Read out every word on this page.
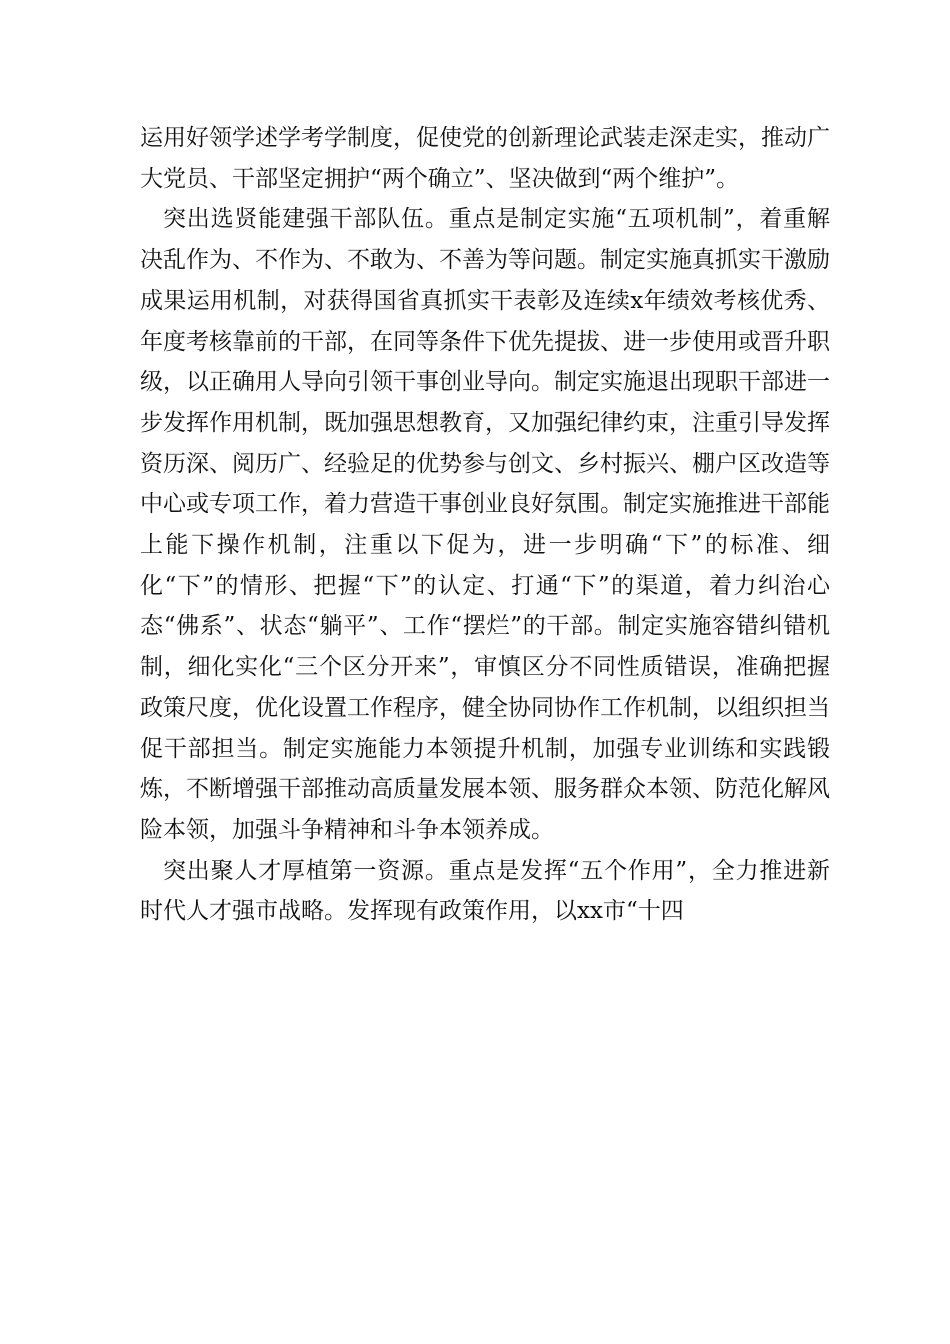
运用好领学述学考学制度，促使党的创新理论武装走深走实，推动广大党员、干部坚定拥护“两个确立”、坚决做到“两个维护”。

突出选贤能建强干部队伍。重点是制定实施“五项机制”，着重解决乱作为、不作为、不敢为、不善为等问题。制定实施真抓实干激励成果运用机制，对获得国省真抓实干表彰及连续x年绩效考核优秀、年度考核靠前的干部，在同等条件下优先提拔、进一步使用或晋升职级，以正确用人导向引领干事创业导向。制定实施退出现职干部进一步发挥作用机制，既加强思想教育，又加强纪律约束，注重引导发挥资历深、阅历广、经验足的优势参与创文、乡村振兴、棚户区改造等中心或专项工作，着力营造干事创业良好氛围。制定实施推进干部能上能下操作机制，注重以下促为，进一步明确“下”的标准、细化“下”的情形、把握“下”的认定、打通“下”的渠道，着力纠治心态“佛系”、状态“躺平”、工作“摆烂”的干部。制定实施容错纠错机制，细化实化“三个区分开来”，审慎区分不同性质错误，准确把握政策尺度，优化设置工作程序，健全协同协作工作机制，以组织担当促干部担当。制定实施能力本领提升机制，加强专业训练和实践锻炼，不断增强干部推动高质量发展本领、服务群众本领、防范化解风险本领，加强斗争精神和斗争本领养成。

突出聚人才厚植第一资源。重点是发挥“五个作用”，全力推进新时代人才强市战略。发挥现有政策作用，以xx市“十四
